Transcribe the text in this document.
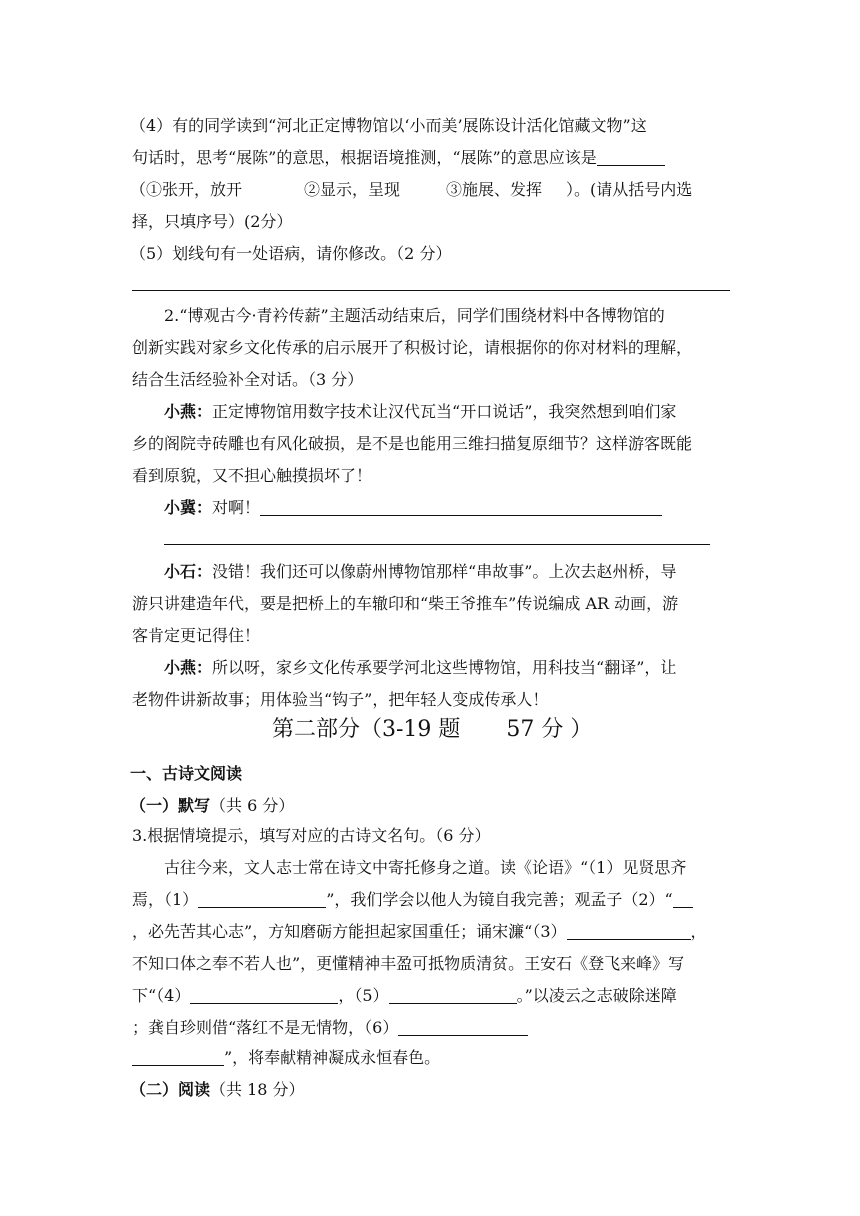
（4）有的同学读到“河北正定博物馆以‘小而美’展陈设计活化馆藏文物”这
句话时，思考“展陈”的意思，根据语境推测，“展陈”的意思应该是
（①张开，放开	②显示，呈现	③施展、发挥 ）。(请从括号内选
择，只填序号）(2分）
（5）划线句有一处语病，请你修改。（2 分）
2.“博观古今·青衿传薪”主题活动结束后，同学们围绕材料中各博物馆的
创新实践对家乡文化传承的启示展开了积极讨论，请根据你的你对材料的理解，
结合生活经验补全对话。（3 分）
小燕：正定博物馆用数字技术让汉代瓦当“开口说话”，我突然想到咱们家
乡的阁院寺砖雕也有风化破损，是不是也能用三维扫描复原细节？这样游客既能
看到原貌，又不担心触摸损坏了！
小冀：对啊！
小石：没错！我们还可以像蔚州博物馆那样“串故事”。上次去赵州桥，导
游只讲建造年代，要是把桥上的车辙印和“柴王爷推车”传说编成 AR 动画，游
客肯定更记得住！
小燕：所以呀，家乡文化传承要学河北这些博物馆，用科技当“翻译”，让
老物件讲新故事；用体验当“钩子”，把年轻人变成传承人！
第二部分（3-19 题 57 分 ）
一、古诗文阅读
（一）默写（共 6 分）
3.根据情境提示，填写对应的古诗文名句。（6 分）
古往今来，文人志士常在诗文中寄托修身之道。读《论语》“（1）见贤思齐
焉，（1）	”，我们学会以他人为镜自我完善；观孟子（2）“
，必先苦其心志”，方知磨砺方能担起家国重任；诵宋濂“（3）	，
不知口体之奉不若人也”，更懂精神丰盈可抵物质清贫。王安石《登飞来峰》写
下“（4）	，（5）	。”以凌云之志破除迷障
；龚自珍则借“落红不是无情物，（6）
”，将奉献精神凝成永恒春色。
（二）阅读（共 18 分）
